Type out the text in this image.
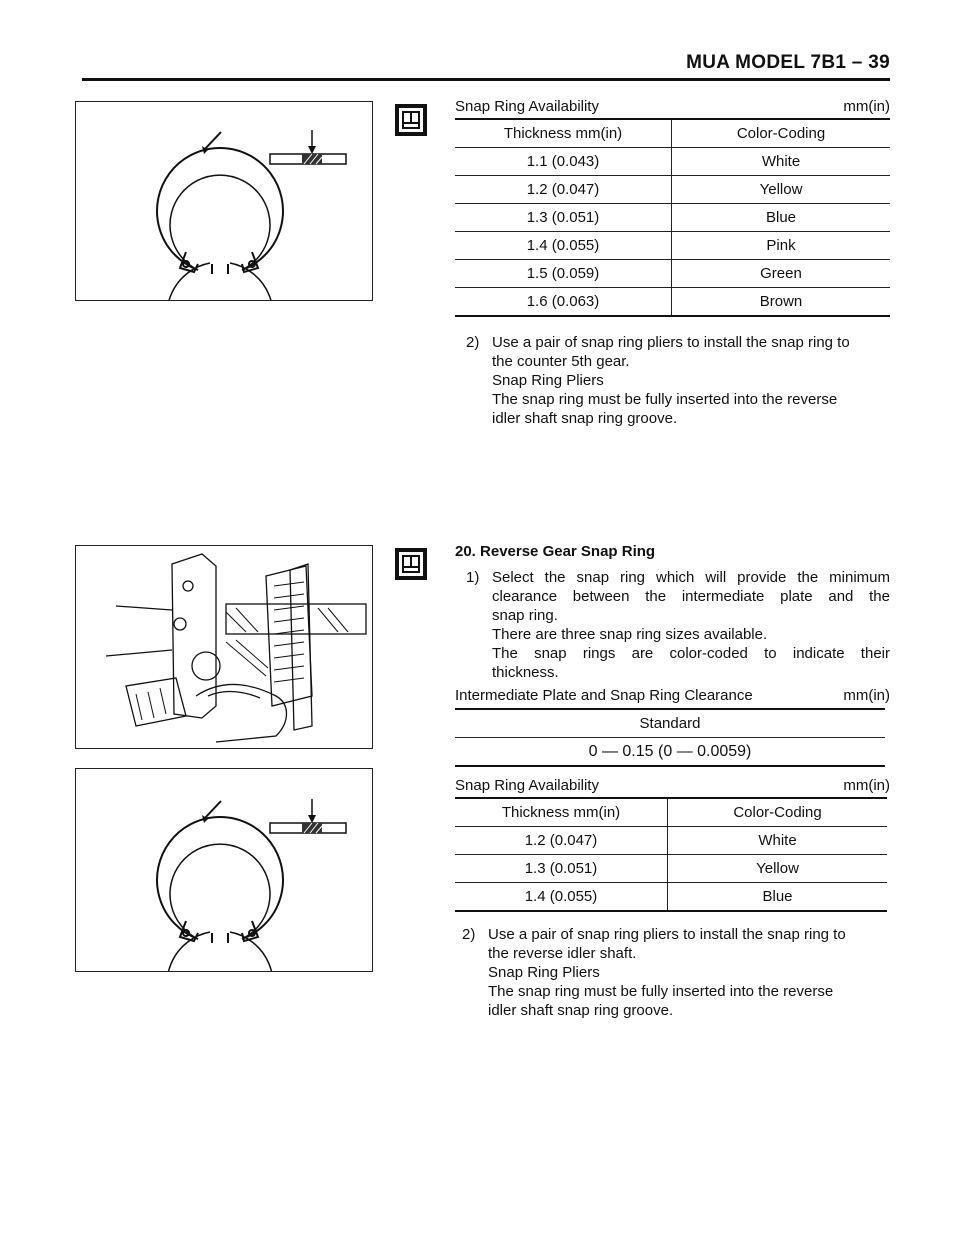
MUA MODEL 7B1 – 39
Snap Ring Availability	mm(in)
Thickness mm(in)	Color-Coding
1.1 (0.043)	White
1.2 (0.047)	Yellow
1.3 (0.051)	Blue
1.4 (0.055)	Pink
1.5 (0.059)	Green
1.6 (0.063)	Brown
2) Use a pair of snap ring pliers to install the snap ring to
the counter 5th gear.
Snap Ring Pliers
The snap ring must be fully inserted into the reverse
idler shaft snap ring groove.
20. Reverse Gear Snap Ring
1) Select the snap ring which will provide the minimum
clearance between the intermediate plate and the
snap ring.
There are three snap ring sizes available.
The snap rings are color-coded to indicate their
thickness.
Intermediate Plate and Snap Ring Clearance	mm(in)
Standard
0 — 0.15 (0 — 0.0059)
Snap Ring Availability	mm(in)
Thickness mm(in)	Color-Coding
1.2 (0.047)	White
1.3 (0.051)	Yellow
1.4 (0.055)	Blue
2) Use a pair of snap ring pliers to install the snap ring to
the reverse idler shaft.
Snap Ring Pliers
The snap ring must be fully inserted into the reverse
idler shaft snap ring groove.
